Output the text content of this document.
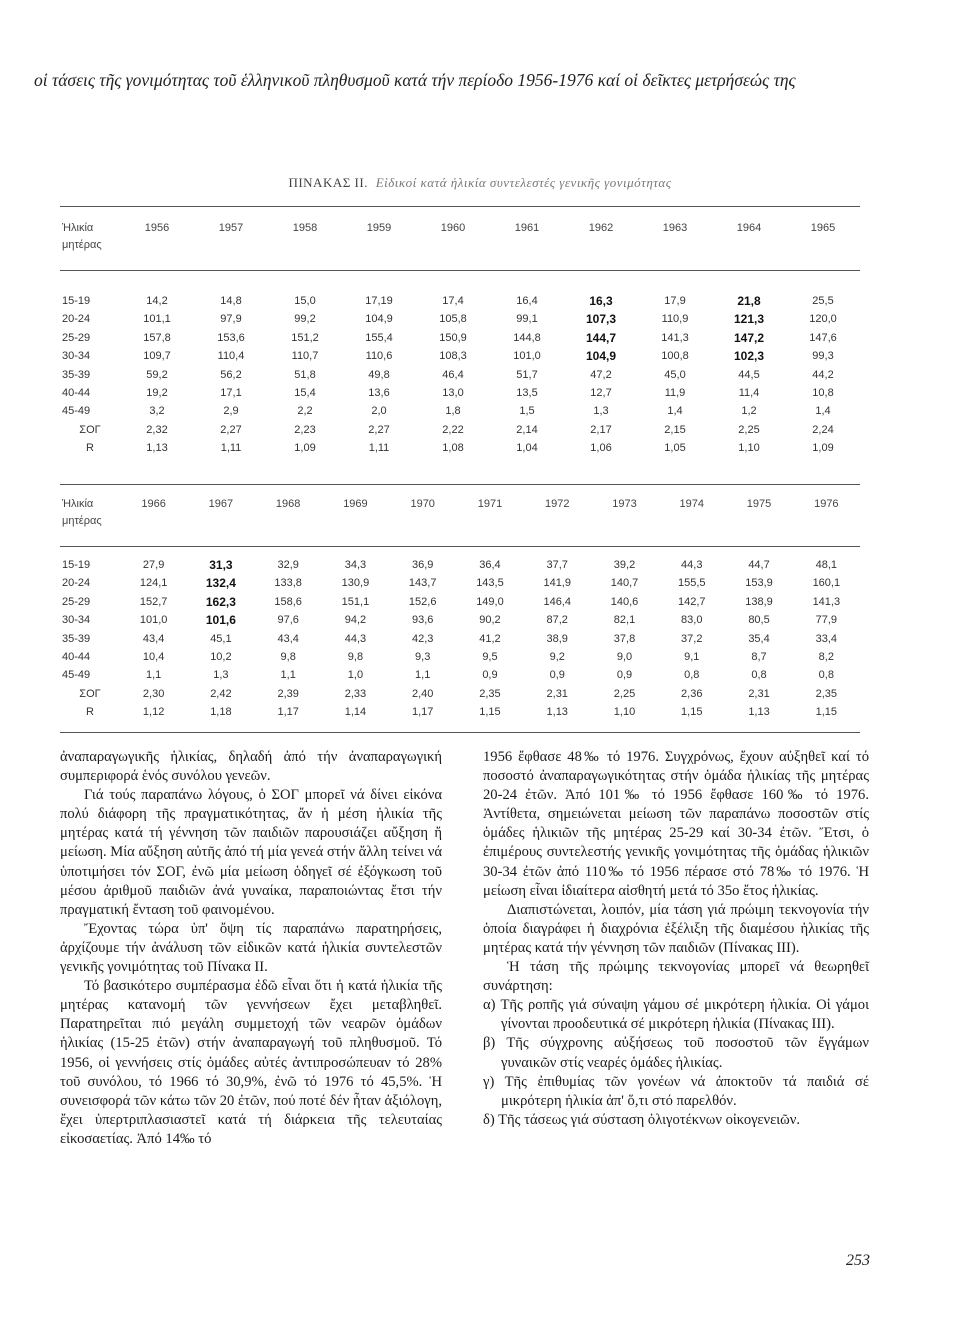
οἱ τάσεις τῆς γονιμότητας τοῦ ἑλληνικοῦ πληθυσμοῦ κατά τήν περίοδο 1956-1976 καί οἱ δεῖκτες μετρήσεώς της
ΠΙΝΑΚΑΣ ΙΙ. Εἰδικοί κατά ἡλικία συντελεστές γενικῆς γονιμότητας
Ἡλικία
μητέρας
	1956	1957	1958	1959	1960	1961	1962	1963	1964	1965
15-19	14,2	14,8	15,0	17,19	17,4	16,4	16,3	17,9	21,8	25,5
20-24	101,1	97,9	99,2	104,9	105,8	99,1	107,3	110,9	121,3	120,0
25-29	157,8	153,6	151,2	155,4	150,9	144,8	144,7	141,3	147,2	147,6
30-34	109,7	110,4	110,7	110,6	108,3	101,0	104,9	100,8	102,3	99,3
35-39	59,2	56,2	51,8	49,8	46,4	51,7	47,2	45,0	44,5	44,2
40-44	19,2	17,1	15,4	13,6	13,0	13,5	12,7	11,9	11,4	10,8
45-49	3,2	2,9	2,2	2,0	1,8	1,5	1,3	1,4	1,2	1,4
ΣΟΓ	2,32	2,27	2,23	2,27	2,22	2,14	2,17	2,15	2,25	2,24
R	1,13	1,11	1,09	1,11	1,08	1,04	1,06	1,05	1,10	1,09
Ἡλικία
μητέρας
	1966	1967	1968	1969	1970	1971	1972	1973	1974	1975	1976
15-19	27,9	31,3	32,9	34,3	36,9	36,4	37,7	39,2	44,3	44,7	48,1
20-24	124,1	132,4	133,8	130,9	143,7	143,5	141,9	140,7	155,5	153,9	160,1
25-29	152,7	162,3	158,6	151,1	152,6	149,0	146,4	140,6	142,7	138,9	141,3
30-34	101,0	101,6	97,6	94,2	93,6	90,2	87,2	82,1	83,0	80,5	77,9
35-39	43,4	45,1	43,4	44,3	42,3	41,2	38,9	37,8	37,2	35,4	33,4
40-44	10,4	10,2	9,8	9,8	9,3	9,5	9,2	9,0	9,1	8,7	8,2
45-49	1,1	1,3	1,1	1,0	1,1	0,9	0,9	0,9	0,8	0,8	0,8
ΣΟΓ	2,30	2,42	2,39	2,33	2,40	2,35	2,31	2,25	2,36	2,31	2,35
R	1,12	1,18	1,17	1,14	1,17	1,15	1,13	1,10	1,15	1,13	1,15

ἀναπαραγωγικῆς ἡλικίας, δηλαδή ἀπό τήν ἀναπαραγωγική συμπεριφορά ἑνός συνόλου γενεῶν.

Γιά τούς παραπάνω λόγους, ὁ ΣΟΓ μπορεῖ νά δίνει εἰκόνα πολύ διάφορη τῆς πραγματικότητας, ἄν ἡ μέση ἡλικία τῆς μητέρας κατά τή γέννηση τῶν παιδιῶν παρουσιάζει αὔξηση ἤ μείωση. Μία αὔξηση αὐτῆς ἀπό τή μία γενεά στήν ἄλλη τείνει νά ὑποτιμήσει τόν ΣΟΓ, ἐνῶ μία μείωση ὁδηγεῖ σέ ἐξόγκωση τοῦ μέσου ἀριθμοῦ παιδιῶν ἀνά γυναίκα, παραποιώντας ἔτσι τήν πραγματική ἔνταση τοῦ φαινομένου.

Ἔχοντας τώρα ὑπ' ὄψη τίς παραπάνω παρατηρήσεις, ἀρχίζουμε τήν ἀνάλυση τῶν εἰδικῶν κατά ἡλικία συντελεστῶν γενικῆς γονιμότητας τοῦ Πίνακα ΙΙ.

Τό βασικότερο συμπέρασμα ἐδῶ εἶναι ὅτι ἡ κατά ἡλικία τῆς μητέρας κατανομή τῶν γεννήσεων ἔχει μεταβληθεῖ. Παρατηρεῖται πιό μεγάλη συμμετοχή τῶν νεαρῶν ὁμάδων ἡλικίας (15-25 ἐτῶν) στήν ἀναπαραγωγή τοῦ πληθυσμοῦ. Τό 1956, οἱ γεννήσεις στίς ὁμάδες αὐτές ἀντιπροσώπευαν τό 28% τοῦ συνόλου, τό 1966 τό 30,9%, ἐνῶ τό 1976 τό 45,5%. Ἡ συνεισφορά τῶν κάτω τῶν 20 ἐτῶν, πού ποτέ δέν ἦταν ἀξιόλογη, ἔχει ὑπερτριπλασιαστεῖ κατά τή διάρκεια τῆς τελευταίας εἰκοσαετίας. Ἀπό 14‰ τό

1956 ἔφθασε 48‰ τό 1976. Συγχρόνως, ἔχουν αὐξηθεῖ καί τό ποσοστό ἀναπαραγωγικότητας στήν ὁμάδα ἡλικίας τῆς μητέρας 20-24 ἐτῶν. Ἀπό 101‰ τό 1956 ἔφθασε 160‰ τό 1976. Ἀντίθετα, σημειώνεται μείωση τῶν παραπάνω ποσοστῶν στίς ὁμάδες ἡλικιῶν τῆς μητέρας 25-29 καί 30-34 ἐτῶν. Ἔτσι, ὁ ἐπιμέρους συντελεστής γενικῆς γονιμότητας τῆς ὁμάδας ἡλικιῶν 30-34 ἐτῶν ἀπό 110‰ τό 1956 πέρασε στό 78‰ τό 1976. Ἡ μείωση εἶναι ἰδιαίτερα αἰσθητή μετά τό 35ο ἔτος ἡλικίας.

Διαπιστώνεται, λοιπόν, μία τάση γιά πρώιμη τεκνογονία τήν ὁποία διαγράφει ἡ διαχρόνια ἐξέλιξη τῆς διαμέσου ἡλικίας τῆς μητέρας κατά τήν γέννηση τῶν παιδιῶν (Πίνακας ΙΙΙ).

Ἡ τάση τῆς πρώιμης τεκνογονίας μπορεῖ νά θεωρηθεῖ συνάρτηση:

α) Τῆς ροπῆς γιά σύναψη γάμου σέ μικρότερη ἡλικία. Οἱ γάμοι γίνονται προοδευτικά σέ μικρότερη ἡλικία (Πίνακας ΙΙΙ).

β) Τῆς σύγχρονης αὐξήσεως τοῦ ποσοστοῦ τῶν ἔγγάμων γυναικῶν στίς νεαρές ὁμάδες ἡλικίας.

γ) Τῆς ἐπιθυμίας τῶν γονέων νά ἀποκτοῦν τά παιδιά σέ μικρότερη ἡλικία ἀπ' ὅ,τι στό παρελθόν.

δ) Τῆς τάσεως γιά σύσταση ὀλιγοτέκνων οἰκογενειῶν.

253
